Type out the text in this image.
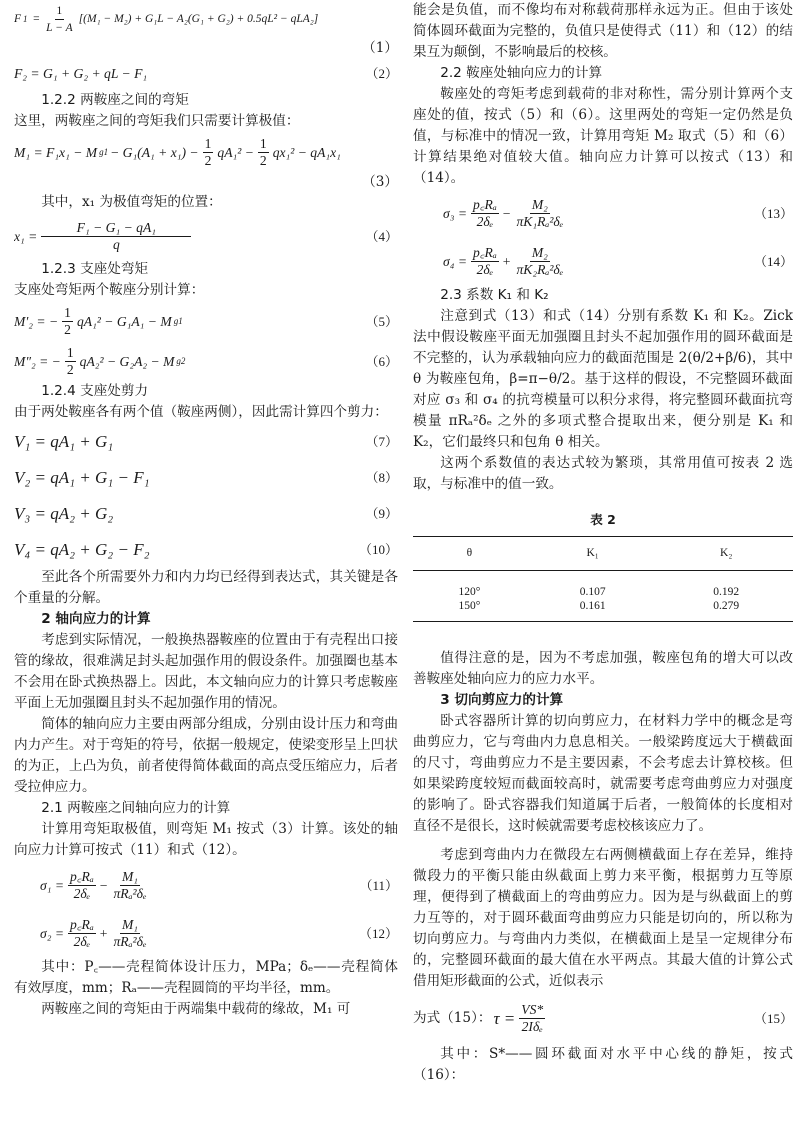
F $1 = \frac{1}{L - A} [(M_1 - M_2) + G_1L - A_2(G_1 + G_2) + 0.5qL^2 - qLA_2]$
（1）
F₂ = G₁ + G₂ + qL − F₁	（2）
1.2.2 两鞍座之间的弯矩
这里，两鞍座之间的弯矩我们只需要计算极值：
M₁ = F₁x₁ − M $g1 - G_1(A_1 + x_1) - \frac{1}{2} qA_1^2 - \frac{1}{2} qx_1^2 - qA_1x_1$
（3）
其中，x₁ 为极值弯矩的位置：
$x_1 = \frac{\text{F₁ − G₁ − qA₁}}{q}$	（4）
1.2.3 支座处弯矩
支座处弯矩两个鞍座分别计算：
M′₂ = − $\frac{1}{2} qA_1^2 - G_1A_1 - M$ g1	（5）
M″₂ = − $\frac{1}{2} qA_2^2 - G_2A_2 - M$ g2	（6）
1.2.4 支座处剪力
由于两处鞍座各有两个值（鞍座两侧），因此需计算四个剪力：
V₁ = qA₁ + G₁	（7）
V₂ = qA₁ + G₁ − F₁	（8）
V₃ = qA₂ + G₂	（9）
V₄ = qA₂ + G₂ − F₂	（10）
至此各个所需要外力和内力均已经得到表达式，其关键是各个重量的分解。
2 轴向应力的计算
考虑到实际情况，一般换热器鞍座的位置由于有壳程出口接管的缘故，很难满足封头起加强作用的假设条件。加强圈也基本不会用在卧式换热器上。因此，本文轴向应力的计算只考虑鞍座平面上无加强圈且封头不起加强作用的情况。
简体的轴向应力主要由两部分组成，分别由设计压力和弯曲内力产生。对于弯矩的符号，依据一般规定，使梁变形呈上凹状的为正，上凸为负，前者使得简体截面的高点受压缩应力，后者受拉伸应力。
2.1 两鞍座之间轴向应力的计算
计算用弯矩取极值，则弯矩 M₁ 按式（3）计算。该处的轴向应力计算可按式（11）和式（12）。
$\sigma_1 = \frac{\text{p꜀Rₐ}}{\text{2δₑ}} - \frac{\text{M₁}}{\text{πRₐ²δₑ}}$	（11）
$\sigma_2 = \frac{\text{p꜀Rₐ}}{\text{2δₑ}} + \frac{\text{M₁}}{\text{πRₐ²δₑ}}$	（12）
其中：P꜀——壳程简体设计压力，MPa；δₑ——壳程简体有效厚度，mm；Rₐ——壳程圆筒的平均半径，mm。
两鞍座之间的弯矩由于两端集中载荷的缘故，M₁ 可
能会是负值，而不像均布对称载荷那样永远为正。但由于该处简体圆环截面为完整的，负值只是使得式（11）和（12）的结果互为颠倒，不影响最后的校核。
2.2 鞍座处轴向应力的计算
鞍座处的弯矩考虑到载荷的非对称性，需分别计算两个支座处的值，按式（5）和（6）。这里两处的弯矩一定仍然是负值，与标准中的情况一致，计算用弯矩 M₂ 取式（5）和（6）计算结果绝对值较大值。轴向应力计算可以按式（13）和（14）。
$\sigma_3 = \frac{\text{p꜀Rₐ}}{\text{2δₑ}} - \frac{\text{M₂}}{\text{πK₁Rₐ²δₑ}}$	（13）
$\sigma_4 = \frac{\text{p꜀Rₐ}}{\text{2δₑ}} + \frac{\text{M₂}}{\text{πK₂Rₐ²δₑ}}$	（14）
2.3 系数 K₁ 和 K₂
注意到式（13）和式（14）分别有系数 K₁ 和 K₂。Zick 法中假设鞍座平面无加强圈且封头不起加强作用的圆环截面是不完整的，认为承载轴向应力的截面范围是 2(θ/2+β/6)，其中 θ 为鞍座包角，β=π−θ/2。基于这样的假设，不完整圆环截面对应 σ₃ 和 σ₄ 的抗弯模量可以积分求得，将完整圆环截面抗弯模量 πRₐ²δₑ 之外的多项式整合提取出来，便分别是 K₁ 和 K₂，它们最终只和包角 θ 相关。
这两个系数值的表达式较为繁琐，其常用值可按表 2 选取，与标准中的值一致。
表 2
θ	K₁	K₂
120°	0.107	0.192
150°	0.161	0.279
值得注意的是，因为不考虑加强，鞍座包角的增大可以改善鞍座处轴向应力的应力水平。
3 切向剪应力的计算
卧式容器所计算的切向剪应力，在材料力学中的概念是弯曲剪应力，它与弯曲内力息息相关。一般梁跨度远大于横截面的尺寸，弯曲剪应力不是主要因素，不会考虑去计算校核。但如果梁跨度较短而截面较高时，就需要考虑弯曲剪应力对强度的影响了。卧式容器我们知道属于后者，一般简体的长度相对直径不是很长，这时候就需要考虑校核该应力了。
考虑到弯曲内力在微段左右两侧横截面上存在差异，维持微段力的平衡只能由纵截面上剪力来平衡，根据剪力互等原理，便得到了横截面上的弯曲剪应力。因为是与纵截面上的剪力互等的，对于圆环截面弯曲剪应力只能是切向的，所以称为切向剪应力。与弯曲内力类似，在横截面上是呈一定规律分布的，完整圆环截面的最大值在水平两点。其最大值的计算公式借用矩形截面的公式，近似表示
为式（15）： $\tau = \frac{VS*}{\text{2Iδₑ}}$	（15）
其中：S*——圆环截面对水平中心线的静矩，按式（16）：
